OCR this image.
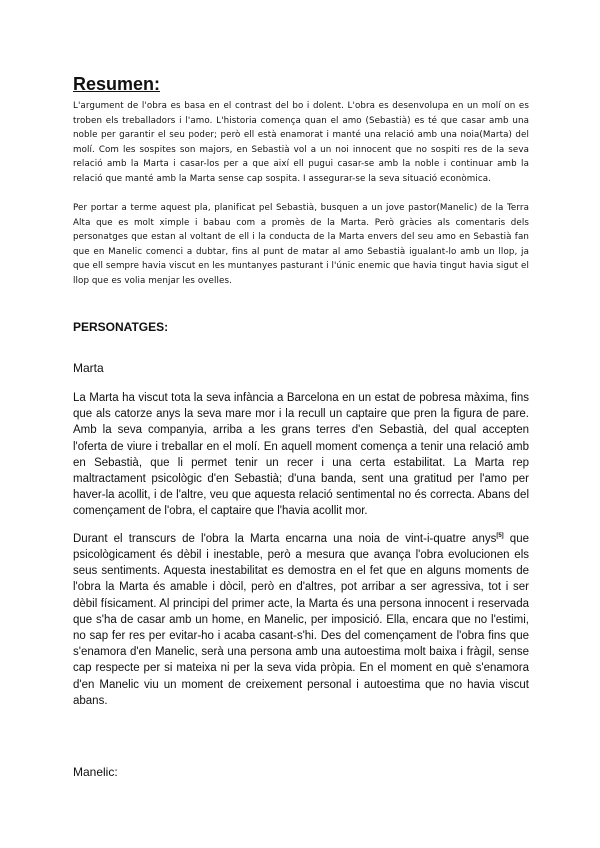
Resumen:

L'argument de l'obra es basa en el contrast del bo i dolent. L'obra es desenvolupa en un molí on es troben els treballadors i l'amo. L'historia comença quan el amo (Sebastià) es té que casar amb una noble per garantir el seu poder; però ell està enamorat i manté una relació amb una noia(Marta) del molí. Com les sospites son majors, en Sebastià vol a un noi innocent que no sospiti res de la seva relació amb la Marta i casar-los per a que així ell pugui casar-se amb la noble i continuar amb la relació que manté amb la Marta sense cap sospita. I assegurar-se la seva situació econòmica.

Per portar a terme aquest pla, planificat pel Sebastià, busquen a un jove pastor(Manelic) de la Terra Alta que es molt ximple i babau com a promès de la Marta. Però gràcies als comentaris dels personatges que estan al voltant de ell i la conducta de la Marta envers del seu amo en Sebastià fan que en Manelic comenci a dubtar, fins al punt de matar al amo Sebastià igualant-lo amb un llop, ja que ell sempre havia viscut en les muntanyes pasturant i l'únic enemic que havia tingut havia sigut el llop que es volia menjar les ovelles.

PERSONATGES:

Marta

La Marta ha viscut tota la seva infància a Barcelona en un estat de pobresa màxima, fins que als catorze anys la seva mare mor i la recull un captaire que pren la figura de pare. Amb la seva companyia, arriba a les grans terres d'en Sebastià, del qual accepten l'oferta de viure i treballar en el molí. En aquell moment comença a tenir una relació amb en Sebastià, que li permet tenir un recer i una certa estabilitat. La Marta rep maltractament psicològic d'en Sebastià; d'una banda, sent una gratitud per l'amo per haver-la acollit, i de l'altre, veu que aquesta relació sentimental no és correcta. Abans del començament de l'obra, el captaire que l'havia acollit mor.

Durant el transcurs de l'obra la Marta encarna una noia de vint-i-quatre anys[5] que psicològicament és dèbil i inestable, però a mesura que avança l'obra evolucionen els seus sentiments. Aquesta inestabilitat es demostra en el fet que en alguns moments de l'obra la Marta és amable i dòcil, però en d'altres, pot arribar a ser agressiva, tot i ser dèbil físicament. Al principi del primer acte, la Marta és una persona innocent i reservada que s'ha de casar amb un home, en Manelic, per imposició. Ella, encara que no l'estimi, no sap fer res per evitar-ho i acaba casant-s'hi. Des del començament de l'obra fins que s'enamora d'en Manelic, serà una persona amb una autoestima molt baixa i fràgil, sense cap respecte per si mateixa ni per la seva vida pròpia. En el moment en què s'enamora d'en Manelic viu un moment de creixement personal i autoestima que no havia viscut abans.

Manelic:
